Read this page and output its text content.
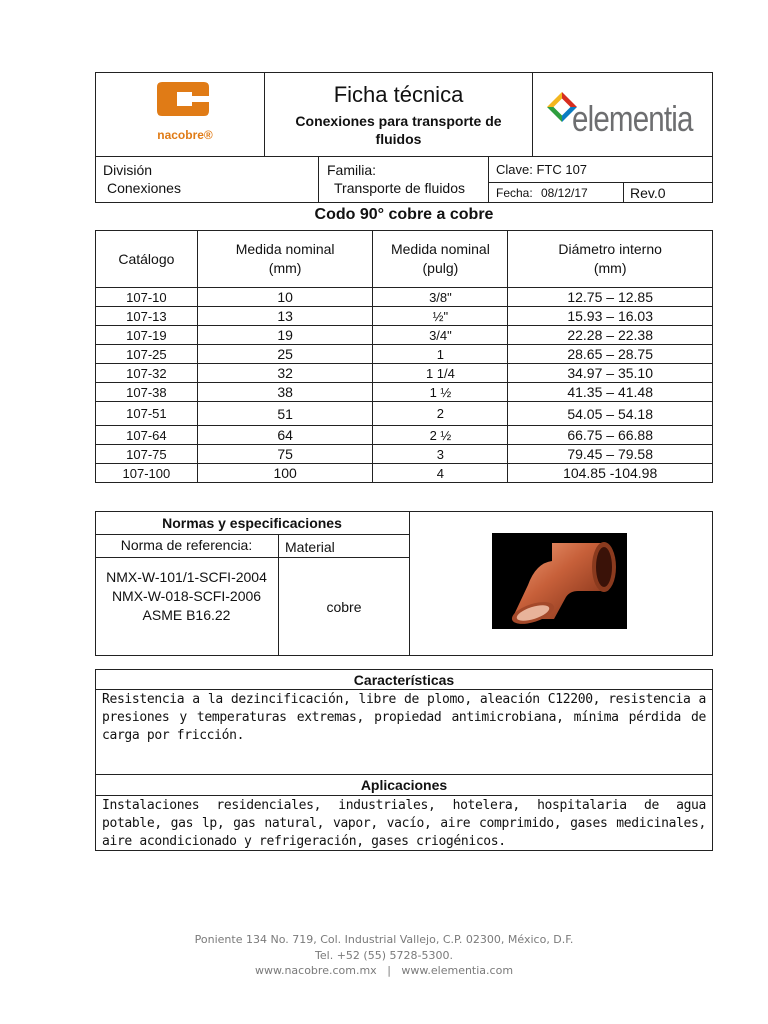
nacobre®
Ficha técnica
Conexiones para transporte de fluidos	elementia
División
Conexiones
Familia:
Transporte de fluidos
Clave: FTC 107
Fecha: 08/12/17	Rev.0
Codo 90° cobre a cobre
Catálogo	Medida nominal (mm)	Medida nominal (pulg)	Diámetro interno (mm)
107-10	10	3/8"	12.75 – 12.85
107-13	13	½"	15.93 – 16.03
107-19	19	3/4"	22.28 – 22.38
107-25	25	1	28.65 – 28.75
107-32	32	1 1/4	34.97 – 35.10
107-38	38	1 ½	41.35 – 41.48
107-51	51	2	54.05 – 54.18
107-64	64	2 ½	66.75 – 66.88
107-75	75	3	79.45 – 79.58
107-100	100	4	104.85 -104.98
Normas y especificaciones
Norma de referencia:	Material
NMX-W-101/1-SCFI-2004
NMX-W-018-SCFI-2006
ASME B16.22	cobre
Características
Resistencia a la dezincificación, libre de plomo, aleación C12200, resistencia a presiones y temperaturas extremas, propiedad antimicrobiana, mínima pérdida de carga por fricción.
Aplicaciones
Instalaciones residenciales, industriales, hotelera, hospitalaria de agua potable, gas lp, gas natural, vapor, vacío, aire comprimido, gases medicinales, aire acondicionado y refrigeración, gases criogénicos.
Poniente 134 No. 719, Col. Industrial Vallejo, C.P. 02300, México, D.F.
Tel. +52 (55) 5728-5300.
www.nacobre.com.mx | www.elementia.com
